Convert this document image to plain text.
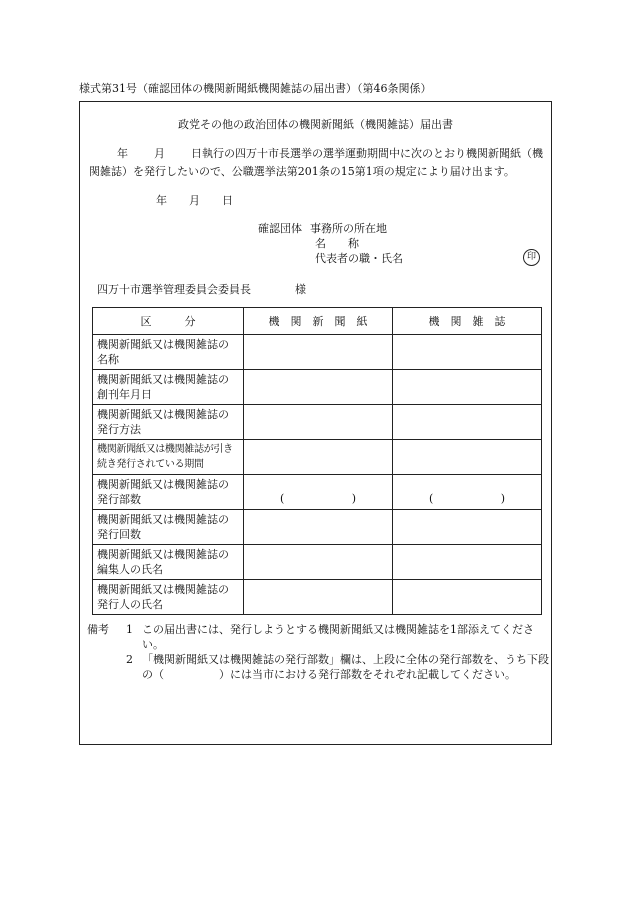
様式第31号（確認団体の機関新聞紙機関雑誌の届出書）（第46条関係）
政党その他の政治団体の機関新聞紙（機関雑誌）届出書
年 月 日執行の四万十市長選挙の選挙運動期間中に次のとおり機関新聞紙（機関雑誌）を発行したいので、公職選挙法第201条の15第1項の規定により届け出ます。
年 月 日
確認団体 事務所の所在地
名　　称
代表者の職・氏名	印
四万十市選挙管理委員会委員長	様
区　　　分	機　関　新　聞　紙	機　関　雑　誌
機関新聞紙又は機関雑誌の名称		
機関新聞紙又は機関雑誌の創刊年月日		
機関新聞紙又は機関雑誌の発行方法		
機関新聞紙又は機関雑誌が引き続き発行されている期間		
機関新聞紙又は機関雑誌の発行部数	( )	( )

機関新聞紙又は機関雑誌の発行回数		
機関新聞紙又は機関雑誌の編集人の氏名		
機関新聞紙又は機関雑誌の発行人の氏名		
備考	1 この届出書には、発行しようとする機関新聞紙又は機関雑誌を1部添えてください。
2 「機関新聞紙又は機関雑誌の発行部数」欄は、上段に全体の発行部数を、うち下段の（　　　　　）には当市における発行部数をそれぞれ記載してください。
